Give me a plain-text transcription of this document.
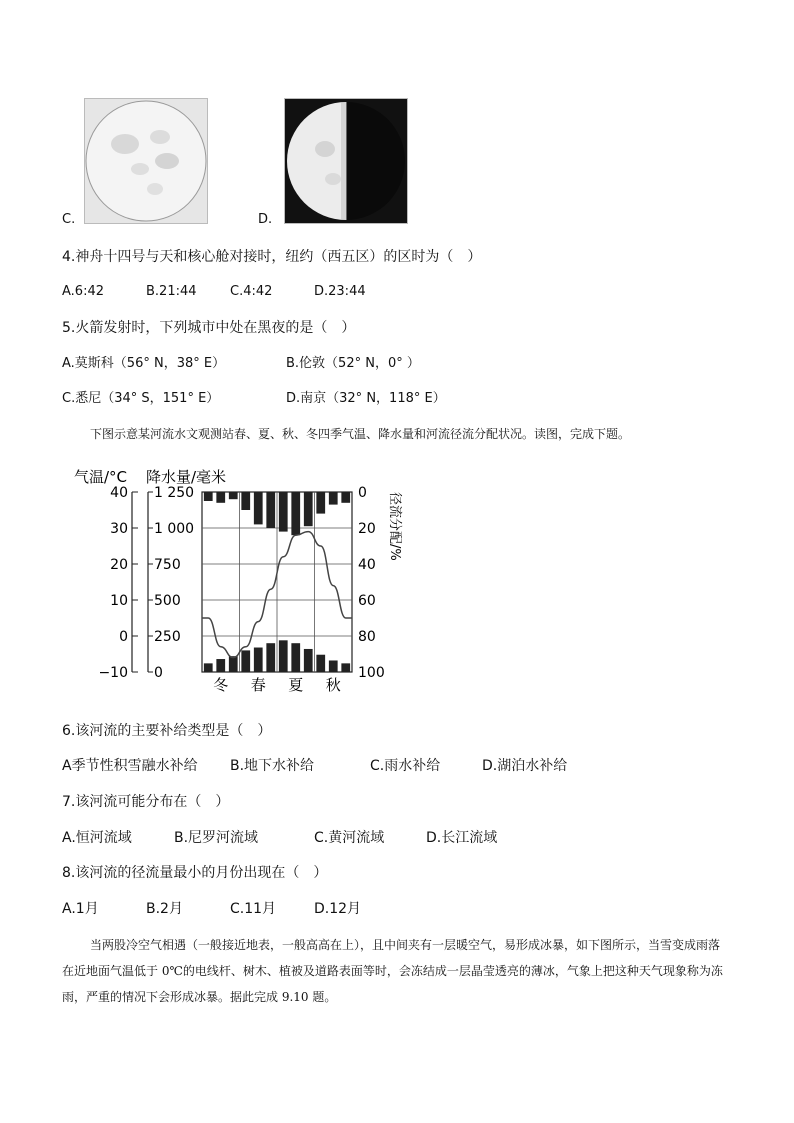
C.	D.
4.神舟十四号与天和核心舱对接时，纽约（西五区）的区时为（　）
A.6:42	B.21:44	C.4:42	D.23:44
5.火箭发射时，下列城市中处在黑夜的是（　）
A.莫斯科（56° N，38° E）	B.伦敦（52° N，0° ）
C.悉尼（34° S，151° E）	D.南京（32° N，118° E）
下图示意某河流水文观测站春、夏、秋、冬四季气温、降水量和河流径流分配状况。读图，完成下题。
气温/°C 降水量/毫米
径流分配/%
40
30
20
10
0
−10
1 250
1 000
750
500
250
0
0
20
40
60
80
100
冬 春 夏 秋
6.该河流的主要补给类型是（　）
A季节性积雪融水补给 B.地下水补给	C.雨水补给	D.湖泊水补给
7.该河流可能分布在（　）
A.恒河流域	B.尼罗河流域	C.黄河流域	D.长江流域
8.该河流的径流量最小的月份出现在（　）
A.1月	B.2月	C.11月	D.12月
当两股冷空气相遇（一般接近地表，一般高高在上），且中间夹有一层暖空气，易形成冰暴，如下图所示，当雪变成雨落在近地面气温低于 0℃的电线杆、树木、植被及道路表面等时，会冻结成一层晶莹透亮的薄冰，气象上把这种天气现象称为冻雨，严重的情况下会形成冰暴。据此完成 9.10 题。
